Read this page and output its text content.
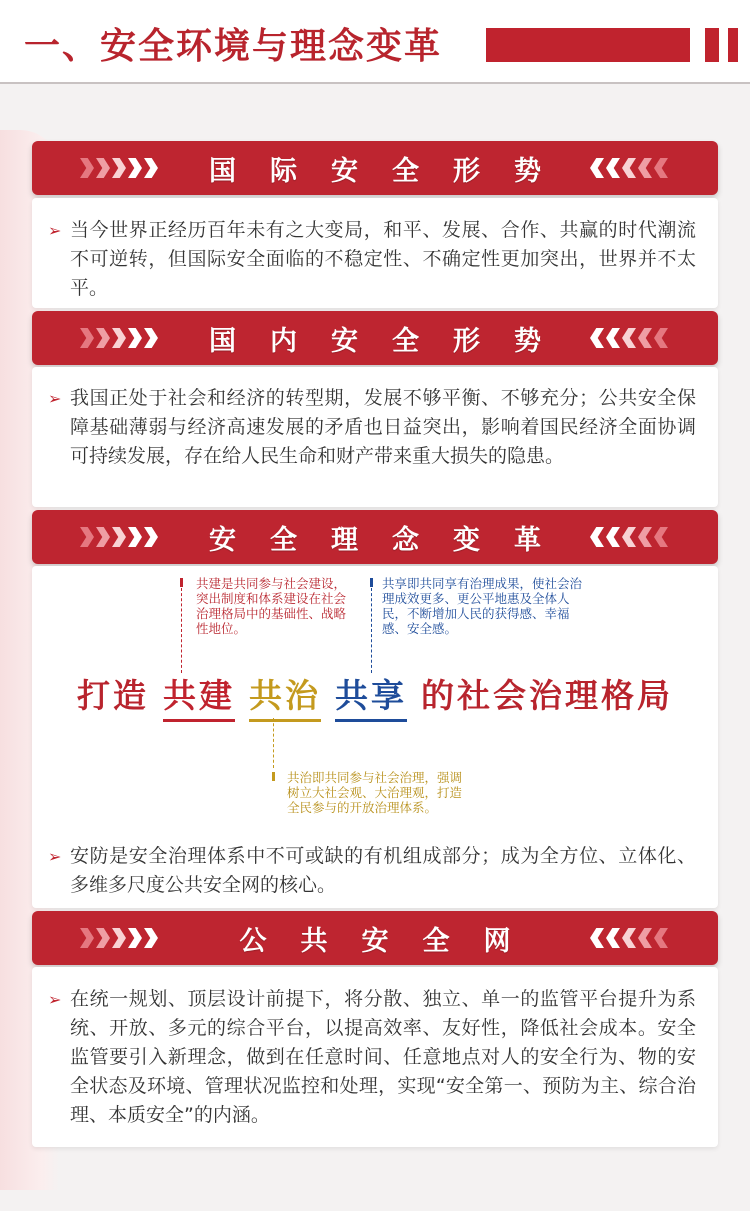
一、安全环境与理念变革
国际安全形势
➢ 当今世界正经历百年未有之大变局，和平、发展、合作、共赢的时代潮流不可逆转，但国际安全面临的不稳定性、不确定性更加突出，世界并不太平。
国内安全形势
➢ 我国正处于社会和经济的转型期，发展不够平衡、不够充分；公共安全保障基础薄弱与经济高速发展的矛盾也日益突出，影响着国民经济全面协调可持续发展，存在给人民生命和财产带来重大损失的隐患。
安全理念变革
共建是共同参与社会建设，突出制度和体系建设在社会治理格局中的基础性、战略性地位。
共享即共同享有治理成果，使社会治理成效更多、更公平地惠及全体人民，不断增加人民的获得感、幸福感、安全感。
打造 共建 共治 共享 的社会治理格局
共治即共同参与社会治理，强调树立大社会观、大治理观，打造全民参与的开放治理体系。
➢ 安防是安全治理体系中不可或缺的有机组成部分；成为全方位、立体化、多维多尺度公共安全网的核心。
公共安全网
➢ 在统一规划、顶层设计前提下，将分散、独立、单一的监管平台提升为系统、开放、多元的综合平台，以提高效率、友好性，降低社会成本。安全监管要引入新理念，做到在任意时间、任意地点对人的安全行为、物的安全状态及环境、管理状况监控和处理，实现“安全第一、预防为主、综合治理、本质安全”的内涵。
